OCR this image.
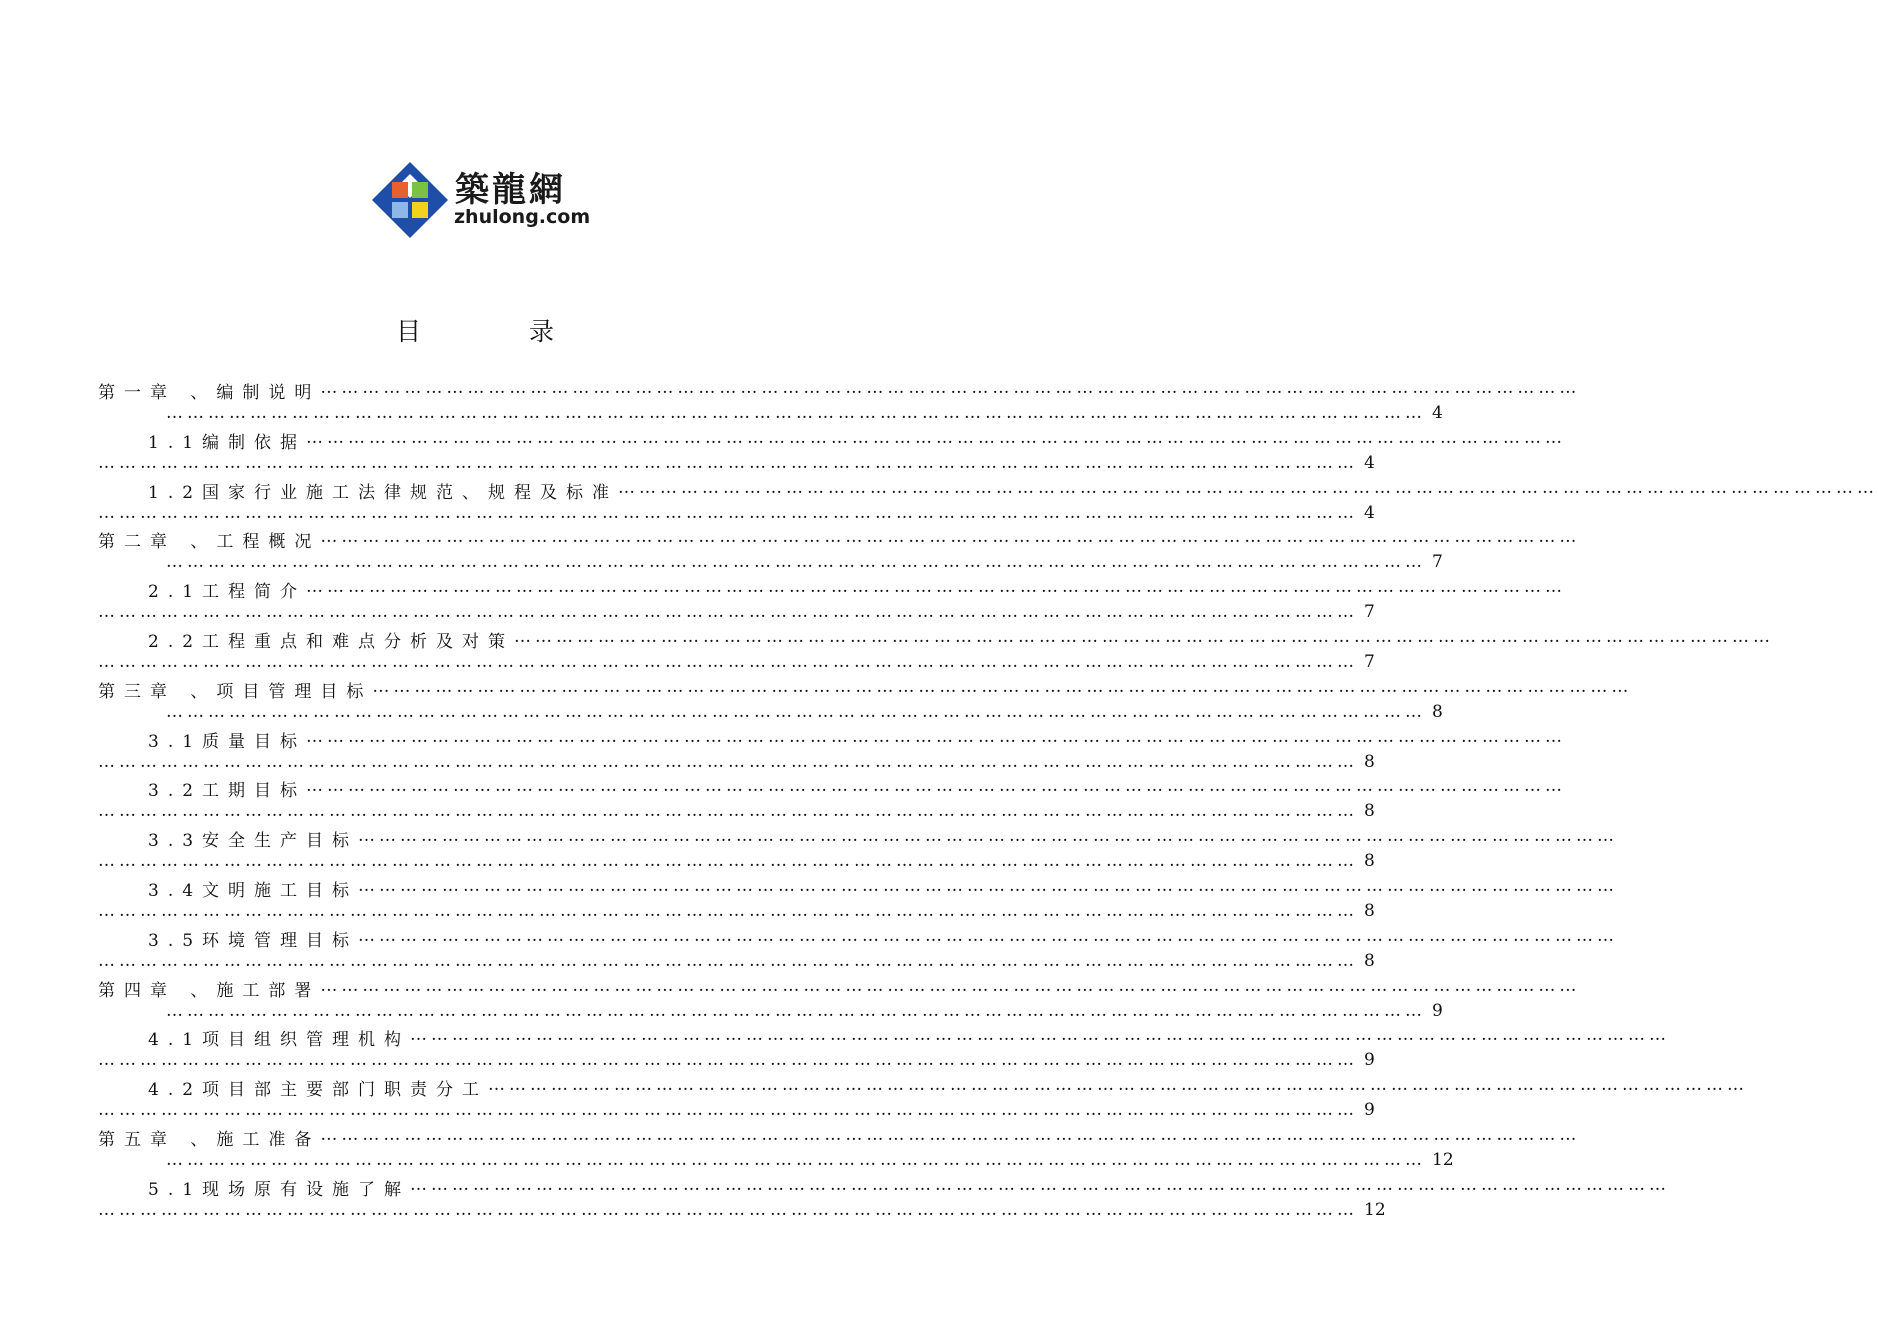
築龍網
zhulong.com
目	录
第一章 、编制说明 ………………………………………………………………………………………………………………………………………………………………
……………………………………………………………………………………………………………………………………………………………… 4
1.1编制依据 ………………………………………………………………………………………………………………………………………………………………
……………………………………………………………………………………………………………………………………………………………… 4
1.2国家行业施工法律规范、规程及标准 ………………………………………………………………………………………………………………………………………………………………
……………………………………………………………………………………………………………………………………………………………… 4
第二章 、工程概况 ………………………………………………………………………………………………………………………………………………………………
……………………………………………………………………………………………………………………………………………………………… 7
2.1工程简介 ………………………………………………………………………………………………………………………………………………………………
……………………………………………………………………………………………………………………………………………………………… 7
2.2工程重点和难点分析及对策 ………………………………………………………………………………………………………………………………………………………………
……………………………………………………………………………………………………………………………………………………………… 7
第三章 、项目管理目标 ………………………………………………………………………………………………………………………………………………………………
……………………………………………………………………………………………………………………………………………………………… 8
3.1质量目标 ………………………………………………………………………………………………………………………………………………………………
……………………………………………………………………………………………………………………………………………………………… 8
3.2工期目标 ………………………………………………………………………………………………………………………………………………………………
……………………………………………………………………………………………………………………………………………………………… 8
3.3安全生产目标 ………………………………………………………………………………………………………………………………………………………………
……………………………………………………………………………………………………………………………………………………………… 8
3.4文明施工目标 ………………………………………………………………………………………………………………………………………………………………
……………………………………………………………………………………………………………………………………………………………… 8
3.5环境管理目标 ………………………………………………………………………………………………………………………………………………………………
……………………………………………………………………………………………………………………………………………………………… 8
第四章 、施工部署 ………………………………………………………………………………………………………………………………………………………………
……………………………………………………………………………………………………………………………………………………………… 9
4.1项目组织管理机构 ………………………………………………………………………………………………………………………………………………………………
……………………………………………………………………………………………………………………………………………………………… 9
4.2项目部主要部门职责分工 ………………………………………………………………………………………………………………………………………………………………
……………………………………………………………………………………………………………………………………………………………… 9
第五章 、施工准备 ………………………………………………………………………………………………………………………………………………………………
……………………………………………………………………………………………………………………………………………………………… 12
5.1现场原有设施了解 ………………………………………………………………………………………………………………………………………………………………
……………………………………………………………………………………………………………………………………………………………… 12
